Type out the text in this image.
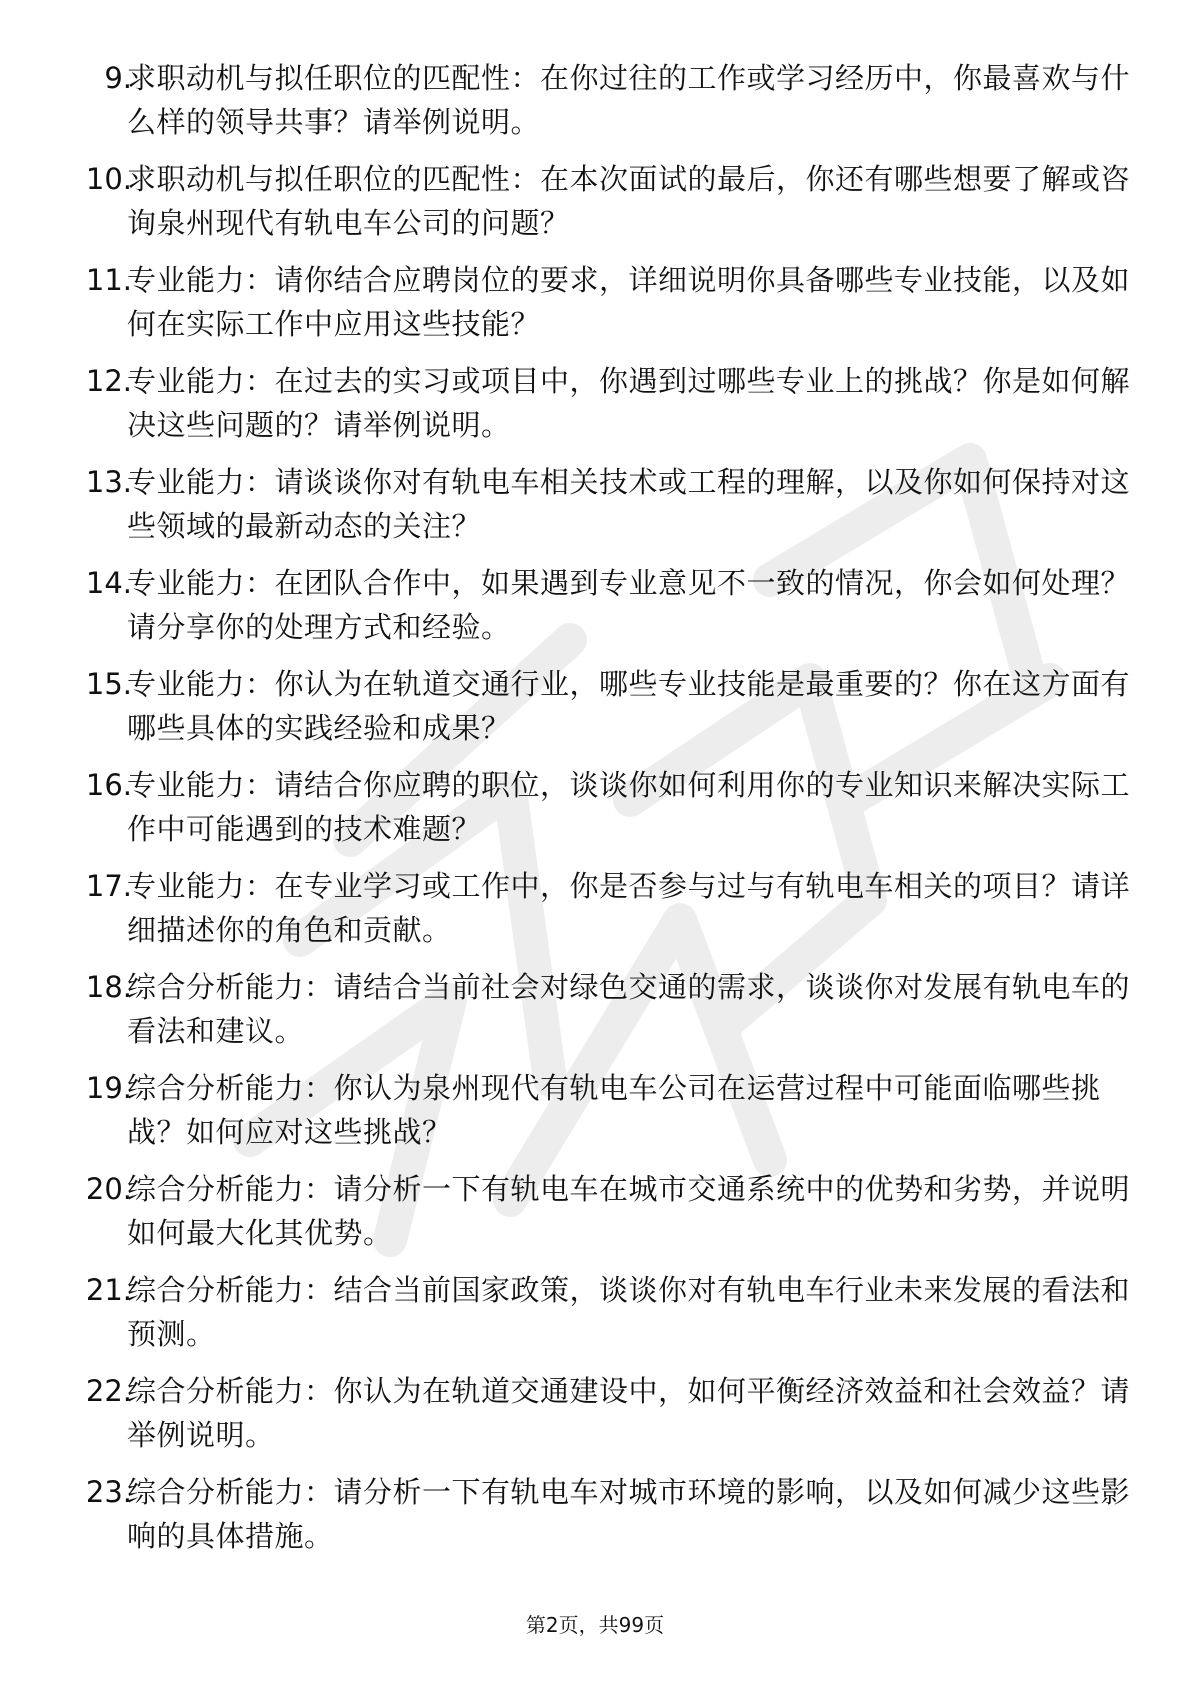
9.
求职动机与拟任职位的匹配性：在你过往的工作或学习经历中，你最喜欢与什么样的领导共事？请举例说明。
10.
求职动机与拟任职位的匹配性：在本次面试的最后，你还有哪些想要了解或咨询泉州现代有轨电车公司的问题？
11.
专业能力：请你结合应聘岗位的要求，详细说明你具备哪些专业技能，以及如何在实际工作中应用这些技能？
12.
专业能力：在过去的实习或项目中，你遇到过哪些专业上的挑战？你是如何解决这些问题的？请举例说明。
13.
专业能力：请谈谈你对有轨电车相关技术或工程的理解，以及你如何保持对这些领域的最新动态的关注？
14.
专业能力：在团队合作中，如果遇到专业意见不一致的情况，你会如何处理？请分享你的处理方式和经验。
15.
专业能力：你认为在轨道交通行业，哪些专业技能是最重要的？你在这方面有哪些具体的实践经验和成果？
16.
专业能力：请结合你应聘的职位，谈谈你如何利用你的专业知识来解决实际工作中可能遇到的技术难题？
17.
专业能力：在专业学习或工作中，你是否参与过与有轨电车相关的项目？请详细描述你的角色和贡献。
18.
综合分析能力：请结合当前社会对绿色交通的需求，谈谈你对发展有轨电车的看法和建议。
19.
综合分析能力：你认为泉州现代有轨电车公司在运营过程中可能面临哪些挑战？如何应对这些挑战？
20.
综合分析能力：请分析一下有轨电车在城市交通系统中的优势和劣势，并说明如何最大化其优势。
21.
综合分析能力：结合当前国家政策，谈谈你对有轨电车行业未来发展的看法和预测。
22.
综合分析能力：你认为在轨道交通建设中，如何平衡经济效益和社会效益？请举例说明。
23.
综合分析能力：请分析一下有轨电车对城市环境的影响，以及如何减少这些影响的具体措施。
第2页，共99页
